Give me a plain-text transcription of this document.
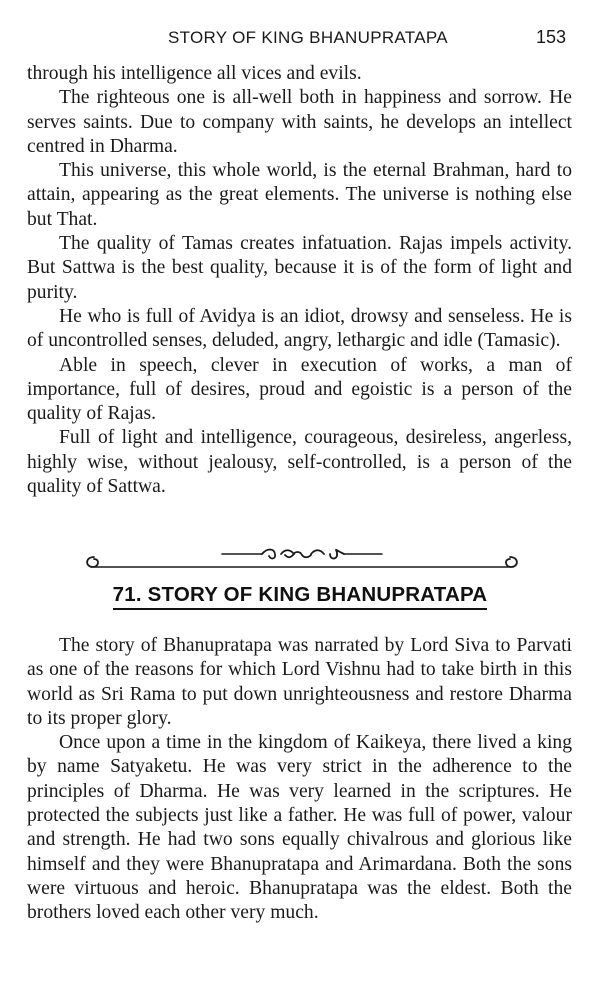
STORY OF KING BHANUPRATAPA	153

through his intelligence all vices and evils.

The righteous one is all-well both in happiness and sorrow. He serves saints. Due to company with saints, he develops an intellect centred in Dharma.

This universe, this whole world, is the eternal Brahman, hard to attain, appearing as the great elements. The universe is nothing else but That.

The quality of Tamas creates infatuation. Rajas impels activity. But Sattwa is the best quality, because it is of the form of light and purity.

He who is full of Avidya is an idiot, drowsy and senseless. He is of uncontrolled senses, deluded, angry, lethargic and idle (Tamasic).

Able in speech, clever in execution of works, a man of importance, full of desires, proud and egoistic is a person of the quality of Rajas.

Full of light and intelligence, courageous, desireless, angerless, highly wise, without jealousy, self-controlled, is a person of the quality of Sattwa.

71. STORY OF KING BHANUPRATAPA

The story of Bhanupratapa was narrated by Lord Siva to Parvati as one of the reasons for which Lord Vishnu had to take birth in this world as Sri Rama to put down unrighteousness and restore Dharma to its proper glory.

Once upon a time in the kingdom of Kaikeya, there lived a king by name Satyaketu. He was very strict in the adherence to the principles of Dharma. He was very learned in the scriptures. He protected the subjects just like a father. He was full of power, valour and strength. He had two sons equally chivalrous and glorious like himself and they were Bhanupratapa and Arimardana. Both the sons were virtuous and heroic. Bhanupratapa was the eldest. Both the brothers loved each other very much.
